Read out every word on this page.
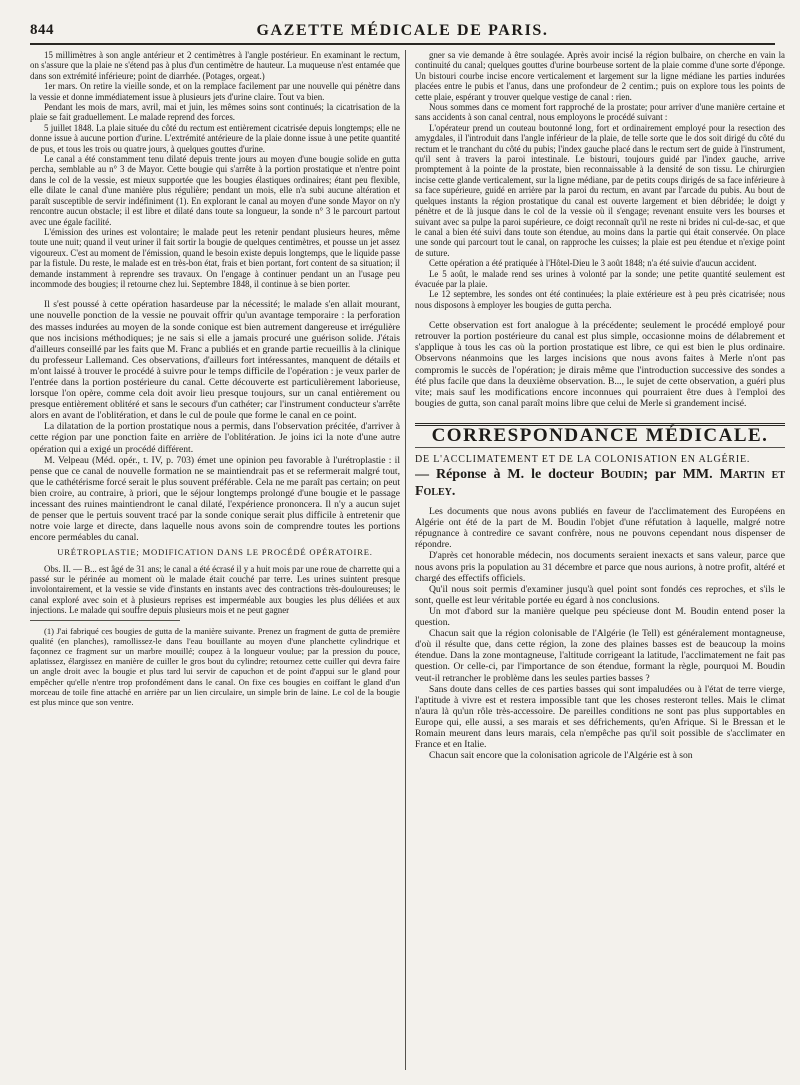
844	GAZETTE MÉDICALE DE PARIS.

15 millimètres à son angle antérieur et 2 centimètres à l'angle postérieur. En examinant le rectum, on s'assure que la plaie ne s'étend pas à plus d'un centimètre de hauteur. La muqueuse n'est entamée que dans son extrémité inférieure; point de diarrhée. (Potages, orgeat.)

1er mars. On retire la vieille sonde, et on la remplace facilement par une nouvelle qui pénètre dans la vessie et donne immédiatement issue à plusieurs jets d'urine claire. Tout va bien.

Pendant les mois de mars, avril, mai et juin, les mêmes soins sont continués; la cicatrisation de la plaie se fait graduellement. Le malade reprend des forces.

5 juillet 1848. La plaie située du côté du rectum est entièrement cicatrisée depuis longtemps; elle ne donne issue à aucune portion d'urine. L'extrémité antérieure de la plaie donne issue à une petite quantité de pus, et tous les trois ou quatre jours, à quelques gouttes d'urine.

Le canal a été constamment tenu dilaté depuis trente jours au moyen d'une bougie solide en gutta percha, semblable au n° 3 de Mayor. Cette bougie qui s'arrête à la portion prostatique et n'entre point dans le col de la vessie, est mieux supportée que les bougies élastiques ordinaires; étant peu flexible, elle dilate le canal d'une manière plus régulière; pendant un mois, elle n'a subi aucune altération et paraît susceptible de servir indéfiniment (1). En explorant le canal au moyen d'une sonde Mayor on n'y rencontre aucun obstacle; il est libre et dilaté dans toute sa longueur, la sonde n° 3 le parcourt partout avec une égale facilité.

L'émission des urines est volontaire; le malade peut les retenir pendant plusieurs heures, même toute une nuit; quand il veut uriner il fait sortir la bougie de quelques centimètres, et pousse un jet assez vigoureux. C'est au moment de l'émission, quand le besoin existe depuis longtemps, que le liquide passe par la fistule. Du reste, le malade est en très-bon état, frais et bien portant, fort content de sa situation; il demande instamment à reprendre ses travaux. On l'engage à continuer pendant un an l'usage peu incommode des bougies; il retourne chez lui. Septembre 1848, il continue à se bien porter.

Il s'est poussé à cette opération hasardeuse par la nécessité; le malade s'en allait mourant, une nouvelle ponction de la vessie ne pouvait offrir qu'un avantage temporaire : la perforation des masses indurées au moyen de la sonde conique est bien autrement dangereuse et irrégulière que nos incisions méthodiques; je ne sais si elle a jamais procuré une guérison solide. J'étais d'ailleurs conseillé par les faits que M. Franc a publiés et en grande partie recueillis à la clinique du professeur Lallemand. Ces observations, d'ailleurs fort intéressantes, manquent de détails et m'ont laissé à trouver le procédé à suivre pour le temps difficile de l'opération : je veux parler de l'entrée dans la portion postérieure du canal. Cette découverte est particulièrement laborieuse, lorsque l'on opère, comme cela doit avoir lieu presque toujours, sur un canal entièrement ou presque entièrement oblitéré et sans le secours d'un cathéter; car l'instrument conducteur s'arrête alors en avant de l'oblitération, et dans le cul de poule que forme le canal en ce point.

La dilatation de la portion prostatique nous a permis, dans l'observation précitée, d'arriver à cette région par une ponction faite en arrière de l'oblitération. Je joins ici la note d'une autre opération qui a exigé un procédé différent.

M. Velpeau (Méd. opér., t. IV, p. 703) émet une opinion peu favorable à l'urétroplastie : il pense que ce canal de nouvelle formation ne se maintiendrait pas et se refermerait malgré tout, que le cathétérisme forcé serait le plus souvent préférable. Cela ne me paraît pas certain; on peut bien croire, au contraire, à priori, que le séjour longtemps prolongé d'une bougie et le passage incessant des ruines maintiendront le canal dilaté, l'expérience prononcera. Il n'y a aucun sujet de penser que le pertuis souvent tracé par la sonde conique serait plus difficile à entretenir que notre voie large et directe, dans laquelle nous avons soin de comprendre toutes les portions encore perméables du canal.

URÉTROPLASTIE; MODIFICATION DANS LE PROCÉDÉ OPÉRATOIRE.

Obs. II. — B... est âgé de 31 ans; le canal a été écrasé il y a huit mois par une roue de charrette qui a passé sur le périnée au moment où le malade était couché par terre. Les urines suintent presque involontairement, et la vessie se vide d'instants en instants avec des contractions très-douloureuses; le canal exploré avec soin et à plusieurs reprises est imperméable aux bougies les plus déliées et aux injections. Le malade qui souffre depuis plusieurs mois et ne peut gagner

(1) J'ai fabriqué ces bougies de gutta de la manière suivante. Prenez un fragment de gutta de première qualité (en planches), ramollissez-le dans l'eau bouillante au moyen d'une planchette cylindrique et façonnez ce fragment sur un marbre mouillé; coupez à la longueur voulue; par la pression du pouce, aplatissez, élargissez en manière de cuiller le gros bout du cylindre; retournez cette cuiller qui devra faire un angle droit avec la bougie et plus tard lui servir de capuchon et de point d'appui sur le gland pour empêcher qu'elle n'entre trop profondément dans le canal. On fixe ces bougies en coiffant le gland d'un morceau de toile fine attaché en arrière par un lien circulaire, un simple brin de laine. Le col de la bougie est plus mince que son ventre.

gner sa vie demande à être soulagée. Après avoir incisé la région bulbaire, on cherche en vain la continuité du canal; quelques gouttes d'urine bourbeuse sortent de la plaie comme d'une sorte d'éponge. Un bistouri courbe incise encore verticalement et largement sur la ligne médiane les parties indurées placées entre le pubis et l'anus, dans une profondeur de 2 centim.; puis on explore tous les points de cette plaie, espérant y trouver quelque vestige de canal : rien.

Nous sommes dans ce moment fort rapproché de la prostate; pour arriver d'une manière certaine et sans accidents à son canal central, nous employons le procédé suivant :

L'opérateur prend un couteau boutonné long, fort et ordinairement employé pour la resection des amygdales, il l'introduit dans l'angle inférieur de la plaie, de telle sorte que le dos soit dirigé du côté du rectum et le tranchant du côté du pubis; l'index gauche placé dans le rectum sert de guide à l'instrument, qu'il sent à travers la paroi intestinale. Le bistouri, toujours guidé par l'index gauche, arrive promptement à la pointe de la prostate, bien reconnaissable à la densité de son tissu. Le chirurgien incise cette glande verticalement, sur la ligne médiane, par de petits coups dirigés de sa face inférieure à sa face supérieure, guidé en arrière par la paroi du rectum, en avant par l'arcade du pubis. Au bout de quelques instants la région prostatique du canal est ouverte largement et bien débridée; le doigt y pénètre et de là jusque dans le col de la vessie où il s'engage; revenant ensuite vers les bourses et suivant avec sa pulpe la paroi supérieure, ce doigt reconnaît qu'il ne reste ni brides ni cul-de-sac, et que le canal a bien été suivi dans toute son étendue, au moins dans la partie qui était conservée. On place une sonde qui parcourt tout le canal, on rapproche les cuisses; la plaie est peu étendue et n'exige point de suture.

Cette opération a été pratiquée à l'Hôtel-Dieu le 3 août 1848; n'a été suivie d'aucun accident.

Le 5 août, le malade rend ses urines à volonté par la sonde; une petite quantité seulement est évacuée par la plaie.

Le 12 septembre, les sondes ont été continuées; la plaie extérieure est à peu près cicatrisée; nous nous disposons à employer les bougies de gutta percha.

Cette observation est fort analogue à la précédente; seulement le procédé employé pour retrouver la portion postérieure du canal est plus simple, occasionne moins de délabrement et s'applique à tous les cas où la portion prostatique est libre, ce qui est bien le plus ordinaire. Observons néanmoins que les larges incisions que nous avons faites à Merle n'ont pas compromis le succès de l'opération; je dirais même que l'introduction successive des sondes a été plus facile que dans la deuxième observation. B..., le sujet de cette observation, a guéri plus vite; mais sauf les modifications encore inconnues qui pourraient être dues à l'emploi des bougies de gutta, son canal paraît moins libre que celui de Merle si grandement incisé.

CORRESPONDANCE MÉDICALE.

DE L'ACCLIMATEMENT ET DE LA COLONISATION EN ALGÉRIE.

— Réponse à M. le docteur Boudin; par MM. Martin et Foley.

Les documents que nous avons publiés en faveur de l'acclimatement des Européens en Algérie ont été de la part de M. Boudin l'objet d'une réfutation à laquelle, malgré notre répugnance à contredire ce savant confrère, nous ne pouvons cependant nous dispenser de répondre.

D'après cet honorable médecin, nos documents seraient inexacts et sans valeur, parce que nous avons pris la population au 31 décembre et parce que nous aurions, à notre profit, altéré et chargé des effectifs officiels.

Qu'il nous soit permis d'examiner jusqu'à quel point sont fondés ces reproches, et s'ils le sont, quelle est leur véritable portée eu égard à nos conclusions.

Un mot d'abord sur la manière quelque peu spécieuse dont M. Boudin entend poser la question.

Chacun sait que la région colonisable de l'Algérie (le Tell) est généralement montagneuse, d'où il résulte que, dans cette région, la zone des plaines basses est de beaucoup la moins étendue. Dans la zone montagneuse, l'altitude corrigeant la latitude, l'acclimatement ne fait pas question. Or celle-ci, par l'importance de son étendue, formant la règle, pourquoi M. Boudin veut-il retrancher le problème dans les seules parties basses ?

Sans doute dans celles de ces parties basses qui sont impaludées ou à l'état de terre vierge, l'aptitude à vivre est et restera impossible tant que les choses resteront telles. Mais le climat n'aura là qu'un rôle très-accessoire. De pareilles conditions ne sont pas plus supportables en Europe qui, elle aussi, a ses marais et ses défrichements, qu'en Afrique. Si le Bressan et le Romain meurent dans leurs marais, cela n'empêche pas qu'il soit possible de s'acclimater en France et en Italie.

Chacun sait encore que la colonisation agricole de l'Algérie est à son
